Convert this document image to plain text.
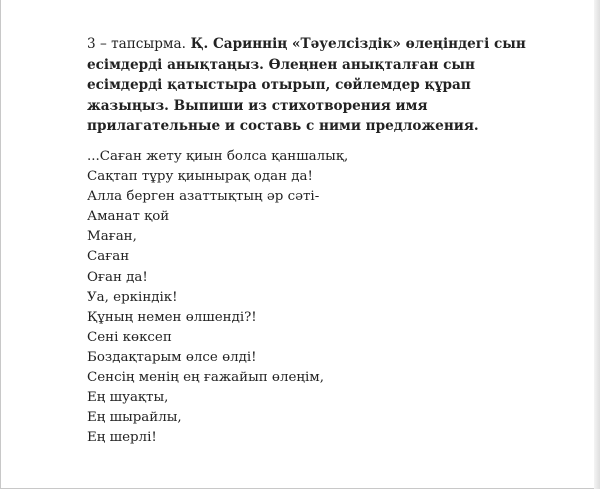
3 – тапсырма. Қ. Сариннің «Тәуелсіздік» өлеңіндегі сын есімдерді анықтаңыз. Өлеңнен анықталған сын есімдерді қатыстыра отырып, сөйлемдер құрап жазыңыз. Выпиши из стихотворения имя прилагательные и составь с ними предложения.

...Саған жету қиын болса қаншалық,
Сақтап тұру қиынырақ одан да!
Алла берген азаттықтың әр сәті-
Аманат қой
Маған,
Саған
Оған да!
Уа, еркіндік!
Құның немен өлшенді?!
Сені көксеп
Боздақтарым өлсе өлді!
Сенсің менің ең ғажайып өлеңім,
Ең шуақты,
Ең шырайлы,
Ең шерлі!
